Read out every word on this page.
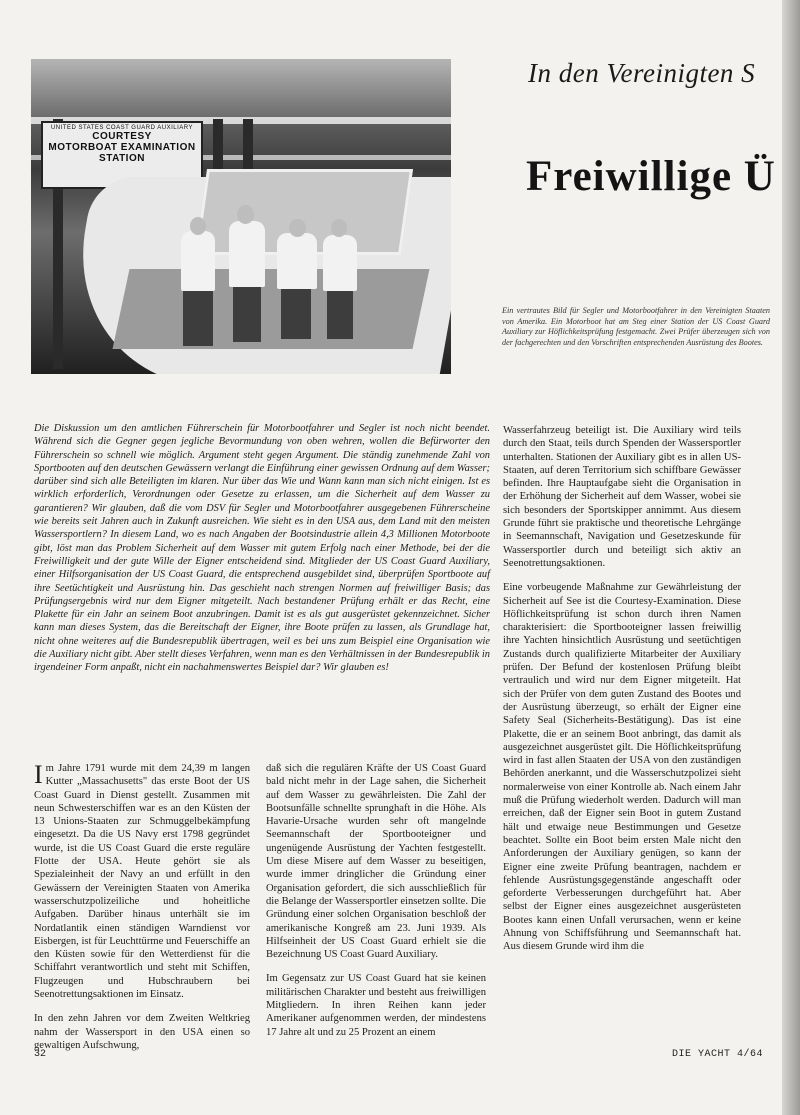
UNITED STATES COAST GUARD AUXILIARY
COURTESY
MOTORBOAT EXAMINATION
STATION
In den Vereinigten S
Freiwillige Ü
Ein vertrautes Bild für Segler und Motorbootfahrer in den Vereinigten Staaten von Amerika. Ein Motorboot hat am Steg einer Station der US Coast Guard Auxiliary zur Höflichkeitsprüfung festgemacht. Zwei Prüfer überzeugen sich von der fachgerechten und den Vorschriften entsprechenden Ausrüstung des Bootes.
Die Diskussion um den amtlichen Führerschein für Motorbootfahrer und Segler ist noch nicht beendet. Während sich die Gegner gegen jegliche Bevormundung von oben wehren, wollen die Befürworter den Führerschein so schnell wie möglich. Argument steht gegen Argument. Die ständig zunehmende Zahl von Sportbooten auf den deutschen Gewässern verlangt die Einführung einer gewissen Ordnung auf dem Wasser; darüber sind sich alle Beteiligten im klaren. Nur über das Wie und Wann kann man sich nicht einigen. Ist es wirklich erforderlich, Verordnungen oder Gesetze zu erlassen, um die Sicherheit auf dem Wasser zu garantieren? Wir glauben, daß die vom DSV für Segler und Motorbootfahrer ausgegebenen Führerscheine wie bereits seit Jahren auch in Zukunft ausreichen. Wie sieht es in den USA aus, dem Land mit den meisten Wassersportlern? In diesem Land, wo es nach Angaben der Bootsindustrie allein 4,3 Millionen Motorboote gibt, löst man das Problem Sicherheit auf dem Wasser mit gutem Erfolg nach einer Methode, bei der die Freiwilligkeit und der gute Wille der Eigner entscheidend sind. Mitglieder der US Coast Guard Auxiliary, einer Hilfsorganisation der US Coast Guard, die entsprechend ausgebildet sind, überprüfen Sportboote auf ihre Seetüchtigkeit und Ausrüstung hin. Das geschieht nach strengen Normen auf freiwilliger Basis; das Prüfungsergebnis wird nur dem Eigner mitgeteilt. Nach bestandener Prüfung erhält er das Recht, eine Plakette für ein Jahr an seinem Boot anzubringen. Damit ist es als gut ausgerüstet gekennzeichnet. Sicher kann man dieses System, das die Bereitschaft der Eigner, ihre Boote prüfen zu lassen, als Grundlage hat, nicht ohne weiteres auf die Bundesrepublik übertragen, weil es bei uns zum Beispiel eine Organisation wie die Auxiliary nicht gibt. Aber stellt dieses Verfahren, wenn man es den Verhältnissen in der Bundesrepublik in irgendeiner Form anpaßt, nicht ein nachahmenswertes Beispiel dar? Wir glauben es!

Wasserfahrzeug beteiligt ist. Die Auxiliary wird teils durch den Staat, teils durch Spenden der Wassersportler unterhalten. Stationen der Auxiliary gibt es in allen US-Staaten, auf deren Territorium sich schiffbare Gewässer befinden. Ihre Hauptaufgabe sieht die Organisation in der Erhöhung der Sicherheit auf dem Wasser, wobei sie sich besonders der Sportskipper annimmt. Aus diesem Grunde führt sie praktische und theoretische Lehrgänge in Seemannschaft, Navigation und Gesetzeskunde für Wassersportler durch und beteiligt sich aktiv an Seenotrettungsaktionen.

Eine vorbeugende Maßnahme zur Gewährleistung der Sicherheit auf See ist die Courtesy-Examination. Diese Höflichkeitsprüfung ist schon durch ihren Namen charakterisiert: die Sportbooteigner lassen freiwillig ihre Yachten hinsichtlich Ausrüstung und seetüchtigen Zustands durch qualifizierte Mitarbeiter der Auxiliary prüfen. Der Befund der kostenlosen Prüfung bleibt vertraulich und wird nur dem Eigner mitgeteilt. Hat sich der Prüfer von dem guten Zustand des Bootes und der Ausrüstung überzeugt, so erhält der Eigner eine Safety Seal (Sicherheits-Bestätigung). Das ist eine Plakette, die er an seinem Boot anbringt, das damit als ausgezeichnet ausgerüstet gilt. Die Höflichkeitsprüfung wird in fast allen Staaten der USA von den zuständigen Behörden anerkannt, und die Wasserschutzpolizei sieht normalerweise von einer Kontrolle ab. Nach einem Jahr muß die Prüfung wiederholt werden. Dadurch will man erreichen, daß der Eigner sein Boot in gutem Zustand hält und etwaige neue Bestimmungen und Gesetze beachtet. Sollte ein Boot beim ersten Male nicht den Anforderungen der Auxiliary genügen, so kann der Eigner eine zweite Prüfung beantragen, nachdem er fehlende Ausrüstungsgegenstände angeschafft oder geforderte Verbesserungen durchgeführt hat. Aber selbst der Eigner eines ausgezeichnet ausgerüsteten Bootes kann einen Unfall verursachen, wenn er keine Ahnung von Schiffsführung und Seemannschaft hat. Aus diesem Grunde wird ihm die

Im Jahre 1791 wurde mit dem 24,39 m langen Kutter „Massachusetts" das erste Boot der US Coast Guard in Dienst gestellt. Zusammen mit neun Schwesterschiffen war es an den Küsten der 13 Unions-Staaten zur Schmuggelbekämpfung eingesetzt. Da die US Navy erst 1798 gegründet wurde, ist die US Coast Guard die erste reguläre Flotte der USA. Heute gehört sie als Spezialeinheit der Navy an und erfüllt in den Gewässern der Vereinigten Staaten von Amerika wasserschutzpolizeiliche und hoheitliche Aufgaben. Darüber hinaus unterhält sie im Nordatlantik einen ständigen Warndienst vor Eisbergen, ist für Leuchttürme und Feuerschiffe an den Küsten sowie für den Wetterdienst für die Schiffahrt verantwortlich und steht mit Schiffen, Flugzeugen und Hubschraubern bei Seenotrettungsaktionen im Einsatz.

In den zehn Jahren vor dem Zweiten Weltkrieg nahm der Wassersport in den USA einen so gewaltigen Aufschwung,

daß sich die regulären Kräfte der US Coast Guard bald nicht mehr in der Lage sahen, die Sicherheit auf dem Wasser zu gewährleisten. Die Zahl der Bootsunfälle schnellte sprunghaft in die Höhe. Als Havarie-Ursache wurden sehr oft mangelnde Seemannschaft der Sportbooteigner und ungenügende Ausrüstung der Yachten festgestellt. Um diese Misere auf dem Wasser zu beseitigen, wurde immer dringlicher die Gründung einer Organisation gefordert, die sich ausschließlich für die Belange der Wassersportler einsetzen sollte. Die Gründung einer solchen Organisation beschloß der amerikanische Kongreß am 23. Juni 1939. Als Hilfseinheit der US Coast Guard erhielt sie die Bezeichnung US Coast Guard Auxiliary.

Im Gegensatz zur US Coast Guard hat sie keinen militärischen Charakter und besteht aus freiwilligen Mitgliedern. In ihren Reihen kann jeder Amerikaner aufgenommen werden, der mindestens 17 Jahre alt und zu 25 Prozent an einem

32	DIE YACHT 4/64
